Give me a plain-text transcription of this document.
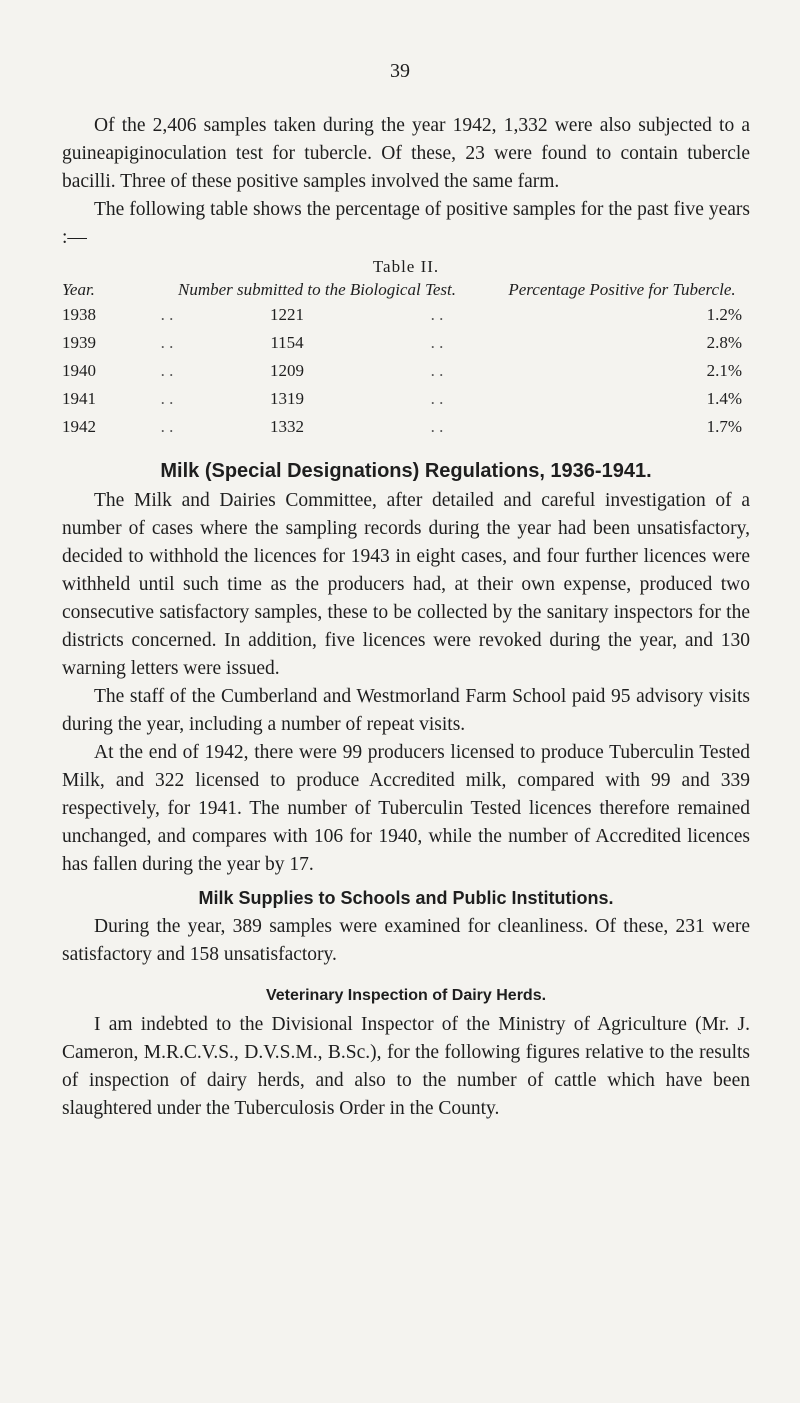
39

Of the 2,406 samples taken during the year 1942, 1,332 were also subjected to a guineapiginoculation test for tubercle. Of these, 23 were found to contain tubercle bacilli. Three of these positive samples involved the same farm.

The following table shows the percentage of positive samples for the past five years :—

Table II.
Year.	Number submitted to the Biological Test.			Percentage Positive for Tubercle.
1938	. .	1221	. .	1.2%
1939	. .	1154	. .	2.8%
1940	. .	1209	. .	2.1%
1941	. .	1319	. .	1.4%
1942	. .	1332	. .	1.7%
Milk (Special Designations) Regulations, 1936-1941.

The Milk and Dairies Committee, after detailed and careful investigation of a number of cases where the sampling records during the year had been unsatisfactory, decided to withhold the licences for 1943 in eight cases, and four further licences were withheld until such time as the producers had, at their own expense, produced two consecutive satisfactory samples, these to be collected by the sanitary inspectors for the districts concerned. In addition, five licences were revoked during the year, and 130 warning letters were issued.

The staff of the Cumberland and Westmorland Farm School paid 95 advisory visits during the year, including a number of repeat visits.

At the end of 1942, there were 99 producers licensed to produce Tuberculin Tested Milk, and 322 licensed to produce Accredited milk, compared with 99 and 339 respectively, for 1941. The number of Tuberculin Tested licences therefore remained unchanged, and compares with 106 for 1940, while the number of Accredited licences has fallen during the year by 17.

Milk Supplies to Schools and Public Institutions.

During the year, 389 samples were examined for cleanliness. Of these, 231 were satisfactory and 158 unsatisfactory.

Veterinary Inspection of Dairy Herds.

I am indebted to the Divisional Inspector of the Ministry of Agriculture (Mr. J. Cameron, M.R.C.V.S., D.V.S.M., B.Sc.), for the following figures relative to the results of inspection of dairy herds, and also to the number of cattle which have been slaughtered under the Tuberculosis Order in the County.
